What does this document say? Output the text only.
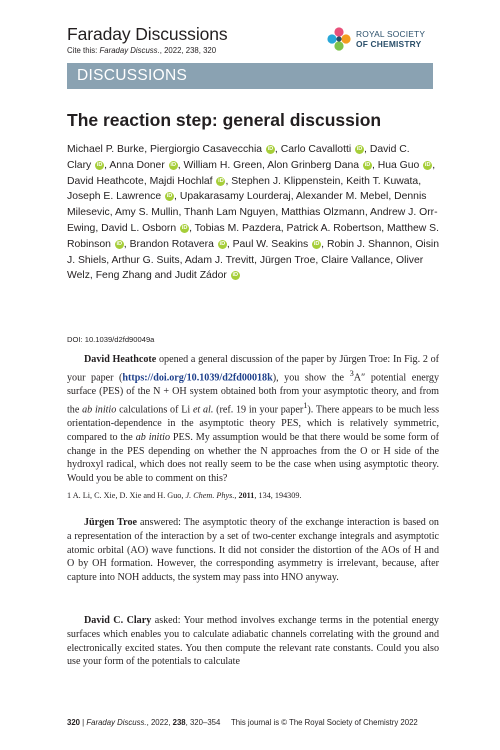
Faraday Discussions
Cite this: Faraday Discuss., 2022, 238, 320
ROYAL SOCIETY
OF CHEMISTRY
DISCUSSIONS
The reaction step: general discussion
Michael P. Burke, Piergiorgio Casavecchia iD , Carlo Cavallotti iD , David C. Clary iD , Anna Doner iD , William H. Green, Alon Grinberg Dana iD , Hua Guo iD , David Heathcote, Majdi Hochlaf iD , Stephen J. Klippenstein, Keith T. Kuwata, Joseph E. Lawrence iD , Upakarasamy Lourderaj, Alexander M. Mebel, Dennis Milesevic, Amy S. Mullin, Thanh Lam Nguyen, Matthias Olzmann, Andrew J. Orr-Ewing, David L. Osborn iD , Tobias M. Pazdera, Patrick A. Robertson, Matthew S. Robinson iD , Brandon Rotavera iD , Paul W. Seakins iD , Robin J. Shannon, Oisin J. Shiels, Arthur G. Suits, Adam J. Trevitt, Jürgen Troe, Claire Vallance, Oliver Welz, Feng Zhang and Judit Zádor iD
DOI: 10.1039/d2fd90049a

David Heathcote opened a general discussion of the paper by Jürgen Troe: In Fig. 2 of your paper (https://doi.org/10.1039/d2fd00018k), you show the $^3$A″ potential energy surface (PES) of the N + OH system obtained both from your asymptotic theory, and from the ab initio calculations of Li et al. (ref. 19 in your paper$^1$). There appears to be much less orientation-dependence in the asymptotic theory PES, which is relatively symmetric, compared to the ab initio PES. My assumption would be that there would be some form of change in the PES depending on whether the N approaches from the O or H side of the hydroxyl radical, which does not really seem to be the case when using asymptotic theory. Would you be able to comment on this?

1 A. Li, C. Xie, D. Xie and H. Guo, J. Chem. Phys., 2011, 134, 194309.

Jürgen Troe answered: The asymptotic theory of the exchange interaction is based on a representation of the interaction by a set of two-center exchange integrals and asymptotic atomic orbital (AO) wave functions. It did not consider the distortion of the AOs of H and O by OH formation. However, the corresponding asymmetry is irrelevant, because, after capture into NOH adducts, the system may pass into HNO anyway.

David C. Clary asked: Your method involves exchange terms in the potential energy surfaces which enables you to calculate adiabatic channels correlating with the ground and electronically excited states. You then compute the relevant rate constants. Could you also use your form of the potentials to calculate

320 | Faraday Discuss., 2022, 238, 320–354 This journal is © The Royal Society of Chemistry 2022
